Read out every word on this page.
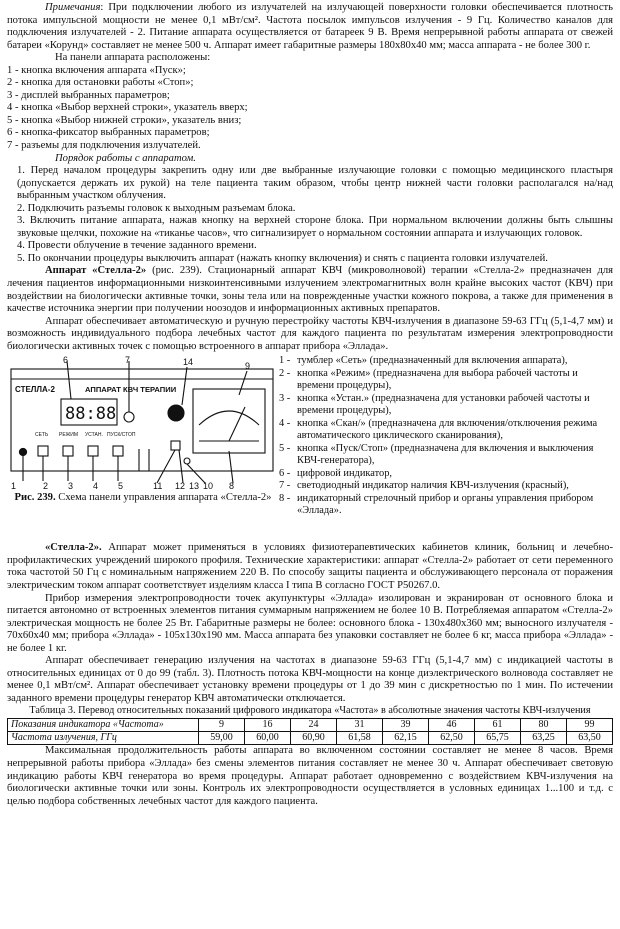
Примечания: При подключении любого из излучателей на излучающей поверхности головки обеспечивается плотность потока импульсной мощности не менее 0,1 мВт/см². Частота посылок импульсов излучения - 9 Гц. Количество каналов для подключения излучателей - 2. Питание аппарата осуществляется от батареек 9 В. Время непрерывной работы аппарата от свежей батареи «Корунд» составляет не менее 500 ч. Аппарат имеет габаритные размеры 180х80х40 мм; масса аппарата - не более 300 г.

На панели аппарата расположены:

1 - кнопка включения аппарата «Пуск»;

2 - кнопка для остановки работы «Стоп»;

3 - дисплей выбранных параметров;

4 - кнопка «Выбор верхней строки», указатель вверх;

5 - кнопка «Выбор нижней строки», указатель вниз;

6 - кнопка-фиксатор выбранных параметров;

7 - разъемы для подключения излучателей.

Порядок работы с аппаратом.

1. Перед началом процедуры закрепить одну или две выбранные излучающие головки с помощью медицинского пластыря (допускается держать их рукой) на теле пациента таким образом, чтобы центр нижней части головки располагался на/над выбранным участком облучения.
2. Подключить разъемы головок к выходным разъемам блока.
3. Включить питание аппарата, нажав кнопку на верхней стороне блока. При нормальном включении должны быть слышны звуковые щелчки, похожие на «тиканье часов», что сигнализирует о нормальном состоянии аппарата и излучающих головок.
4. Провести облучение в течение заданного времени.
5. По окончании процедуры выключить аппарат (нажать кнопку включения) и снять с пациента головки излучателей.

Аппарат «Стелла-2» (рис. 239). Стационарный аппарат КВЧ (микроволновой) терапии «Стелла-2» предназначен для лечения пациентов информационными низкоинтенсивными излучением электромагнитных волн крайне высоких частот (КВЧ) при воздействии на биологически активные точки, зоны тела или на поврежденные участки кожного покрова, а также для применения в качестве источника энергии при получении ноозодов и информационных активных препаратов.

Аппарат обеспечивает автоматическую и ручную перестройку частоты КВЧ-излучения в диапазоне 59-63 ГГц (5,1-4,7 мм) и возможность индивидуального подбора лечебных частот для каждого пациента по результатам измерения электропроводности биологически активных точек с помощью встроенного в аппарат прибора «Эллада».

СТЕЛЛА-2	АППАРАТ КВЧ ТЕРАПИИ
88:88
СЕТЬ РЕЖИМ УСТАН. ПУСК/СТОП
1	2 3 4 5
6	7
8
9
10
11 12 13
14
Рис. 239. Схема панели управления аппарата «Стелла-2»
1 - тумблер «Сеть» (предназначенный для включения аппарата),
2 - кнопка «Режим» (предназначена для выбора рабочей частоты и времени процедуры),
3 - кнопка «Устан.» (предназначена для установки рабочей частоты и времени процедуры),
4 - кнопка «Скан/» (предназначена для включения/отключения режима автоматического циклического сканирования),
5 - кнопка «Пуск/Стоп» (предназначена для включения и выключения КВЧ-генератора),
6 - цифровой индикатор,
7 - светодиодный индикатор наличия КВЧ-излучения (красный),
8 - индикаторный стрелочный прибор и органы управления прибором «Эллада».

«Стелла-2». Аппарат может применяться в условиях физиотерапевтических кабинетов клиник, больниц и лечебно-профилактических учреждений широкого профиля. Технические характеристики: аппарат «Стелла-2» работает от сети переменного тока частотой 50 Гц с номинальным напряжением 220 В. По способу защиты пациента и обслуживающего персонала от поражения электрическим током аппарат соответствует изделиям класса I типа В согласно ГОСТ Р50267.0.

Прибор измерения электропроводности точек акупунктуры «Эллада» изолирован и экранирован от основного блока и питается автономно от встроенных элементов питания суммарным напряжением не более 10 В. Потребляемая аппаратом «Стелла-2» электрическая мощность не более 25 Вт. Габаритные размеры не более: основного блока - 130х480х360 мм; выносного излучателя - 70х60х40 мм; прибора «Эллада» - 105х130х190 мм. Масса аппарата без упаковки составляет не более 6 кг, масса прибора «Эллада» - не более 1 кг.

Аппарат обеспечивает генерацию излучения на частотах в диапазоне 59-63 ГГц (5,1-4,7 мм) с индикацией частоты в относительных единицах от 0 до 99 (табл. 3). Плотность потока КВЧ-мощности на конце диэлектрического волновода составляет не менее 0,1 мВт/см². Аппарат обеспечивает установку времени процедуры от 1 до 39 мин с дискретностью по 1 мин. По истечении заданного времени процедуры генератор КВЧ автоматически отключается.

Таблица 3. Перевод относительных показаний цифрового индикатора «Частота» в абсолютные значения частоты КВЧ-излучения
Показания индикатора «Частота»	9	16	24	31	39	46	61	80	99
Частота излучения, ГГц	59,00	60,00	60,90	61,58	62,15	62,50	65,75	63,25	63,50

Максимальная продолжительность работы аппарата во включенном состоянии составляет не менее 8 часов. Время непрерывной работы прибора «Эллада» без смены элементов питания составляет не менее 30 ч. Аппарат обеспечивает световую индикацию работы КВЧ генератора во время процедуры. Аппарат работает одновременно с воздействием КВЧ-излучения на биологически активные точки или зоны. Контроль их электропроводности осуществляется в условных единицах 1...100 и т.д. с целью подбора собственных лечебных частот для каждого пациента.
